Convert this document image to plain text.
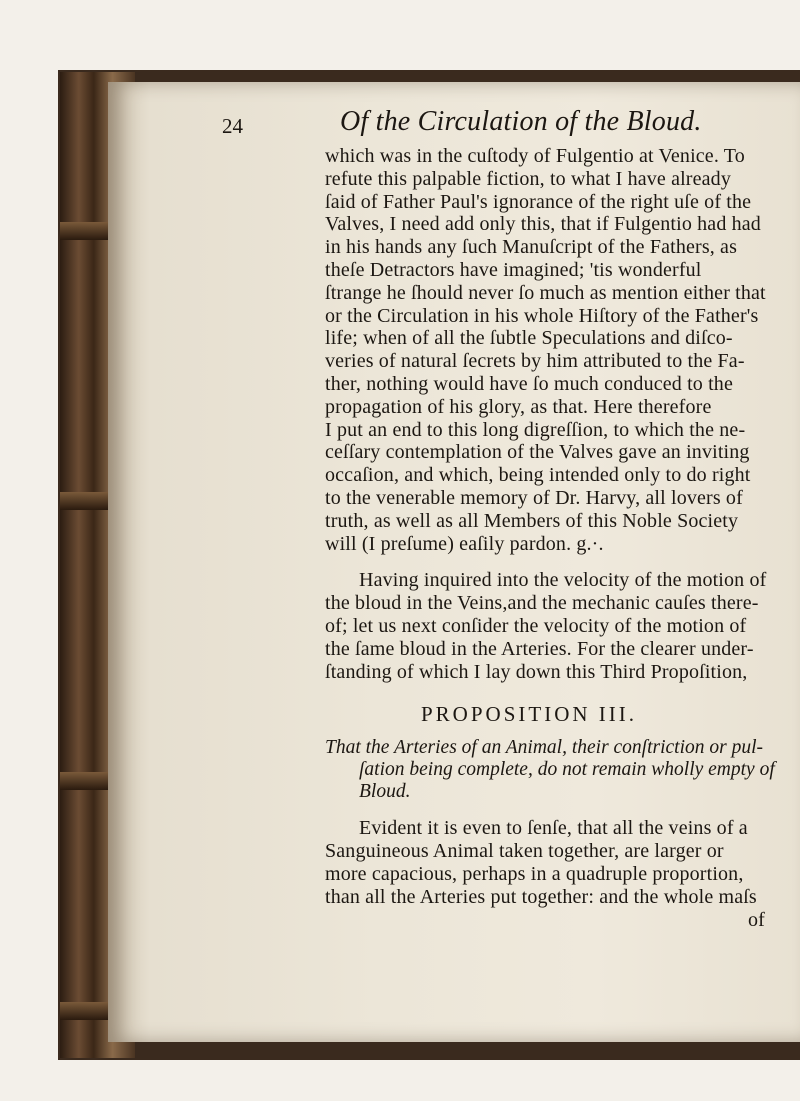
24	Of the Circulation of the Bloud.
which was in the cuſtody of Fulgentio at Venice. To
refute this palpable fiction, to what I have already
ſaid of Father Paul's ignorance of the right uſe of the
Valves, I need add only this, that if Fulgentio had had
in his hands any ſuch Manuſcript of the Fathers, as
theſe Detractors have imagined; 'tis wonderful
ſtrange he ſhould never ſo much as mention either that
or the Circulation in his whole Hiſtory of the Father's
life; when of all the ſubtle Speculations and diſco-
veries of natural ſecrets by him attributed to the Fa-
ther, nothing would have ſo much conduced to the
propagation of his glory, as that. Here therefore
I put an end to this long digreſſion, to which the ne-
ceſſary contemplation of the Valves gave an inviting
occaſion, and which, being intended only to do right
to the venerable memory of Dr. Harvy, all lovers of
truth, as well as all Members of this Noble Society
will (I preſume) eaſily pardon. g.·.
Having inquired into the velocity of the motion of
the bloud in the Veins,and the mechanic cauſes there-
of; let us next conſider the velocity of the motion of
the ſame bloud in the Arteries. For the clearer under-
ſtanding of which I lay down this Third Propoſition,
PROPOSITION III.
That the Arteries of an Animal, their conſtriction or pul-
ſation being complete, do not remain wholly empty of
Bloud.
Evident it is even to ſenſe, that all the veins of a
Sanguineous Animal taken together, are larger or
more capacious, perhaps in a quadruple proportion,
than all the Arteries put together: and the whole maſs
of
